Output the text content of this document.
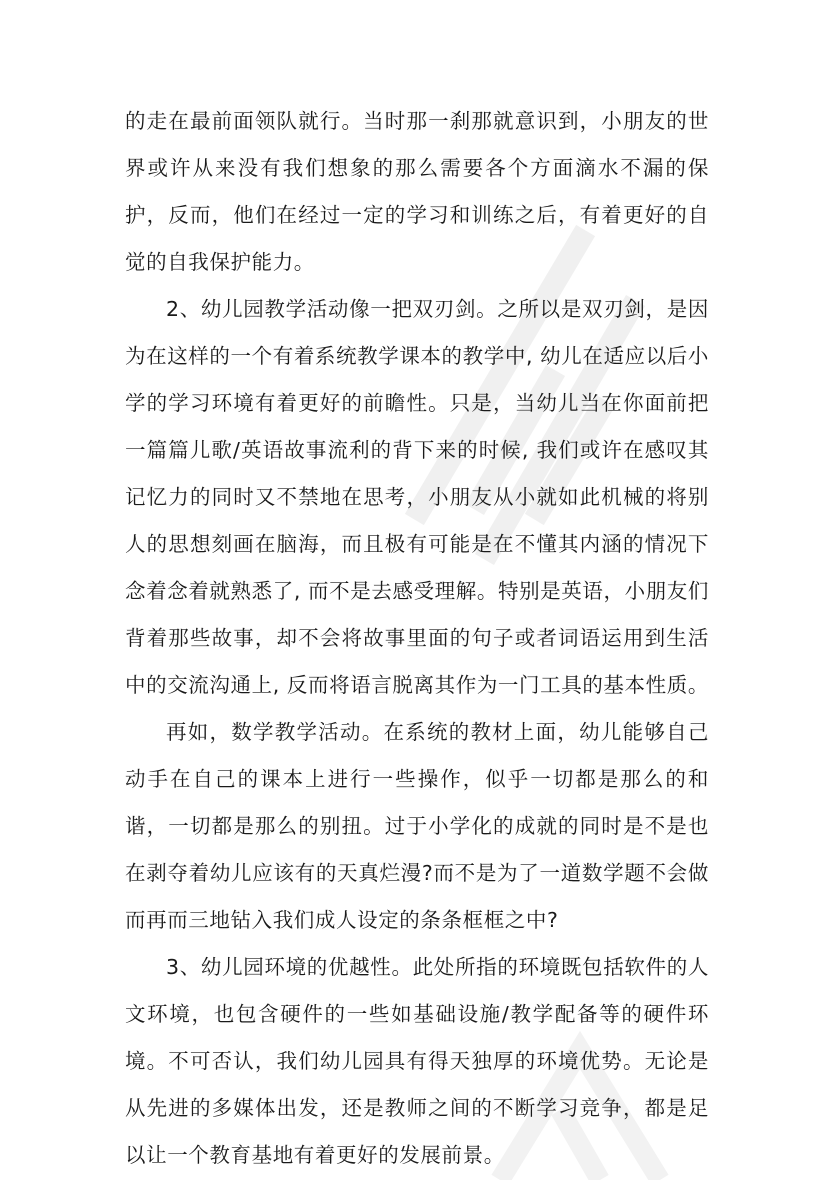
的走在最前面领队就行。当时那一刹那就意识到，小朋友的世界或许从来没有我们想象的那么需要各个方面滴水不漏的保护，反而，他们在经过一定的学习和训练之后，有着更好的自觉的自我保护能力。

2、幼儿园教学活动像一把双刃剑。之所以是双刃剑，是因为在这样的一个有着系统教学课本的教学中, 幼儿在适应以后小学的学习环境有着更好的前瞻性。只是，当幼儿当在你面前把一篇篇儿歌/英语故事流利的背下来的时候, 我们或许在感叹其记忆力的同时又不禁地在思考，小朋友从小就如此机械的将别人的思想刻画在脑海，而且极有可能是在不懂其内涵的情况下念着念着就熟悉了, 而不是去感受理解。特别是英语，小朋友们背着那些故事，却不会将故事里面的句子或者词语运用到生活中的交流沟通上, 反而将语言脱离其作为一门工具的基本性质。

再如，数学教学活动。在系统的教材上面，幼儿能够自己动手在自己的课本上进行一些操作，似乎一切都是那么的和谐，一切都是那么的别扭。过于小学化的成就的同时是不是也在剥夺着幼儿应该有的天真烂漫?而不是为了一道数学题不会做而再而三地钻入我们成人设定的条条框框之中?

3、幼儿园环境的优越性。此处所指的环境既包括软件的人文环境，也包含硬件的一些如基础设施/教学配备等的硬件环境。不可否认，我们幼儿园具有得天独厚的环境优势。无论是从先进的多媒体出发，还是教师之间的不断学习竞争，都是足以让一个教育基地有着更好的发展前景。
